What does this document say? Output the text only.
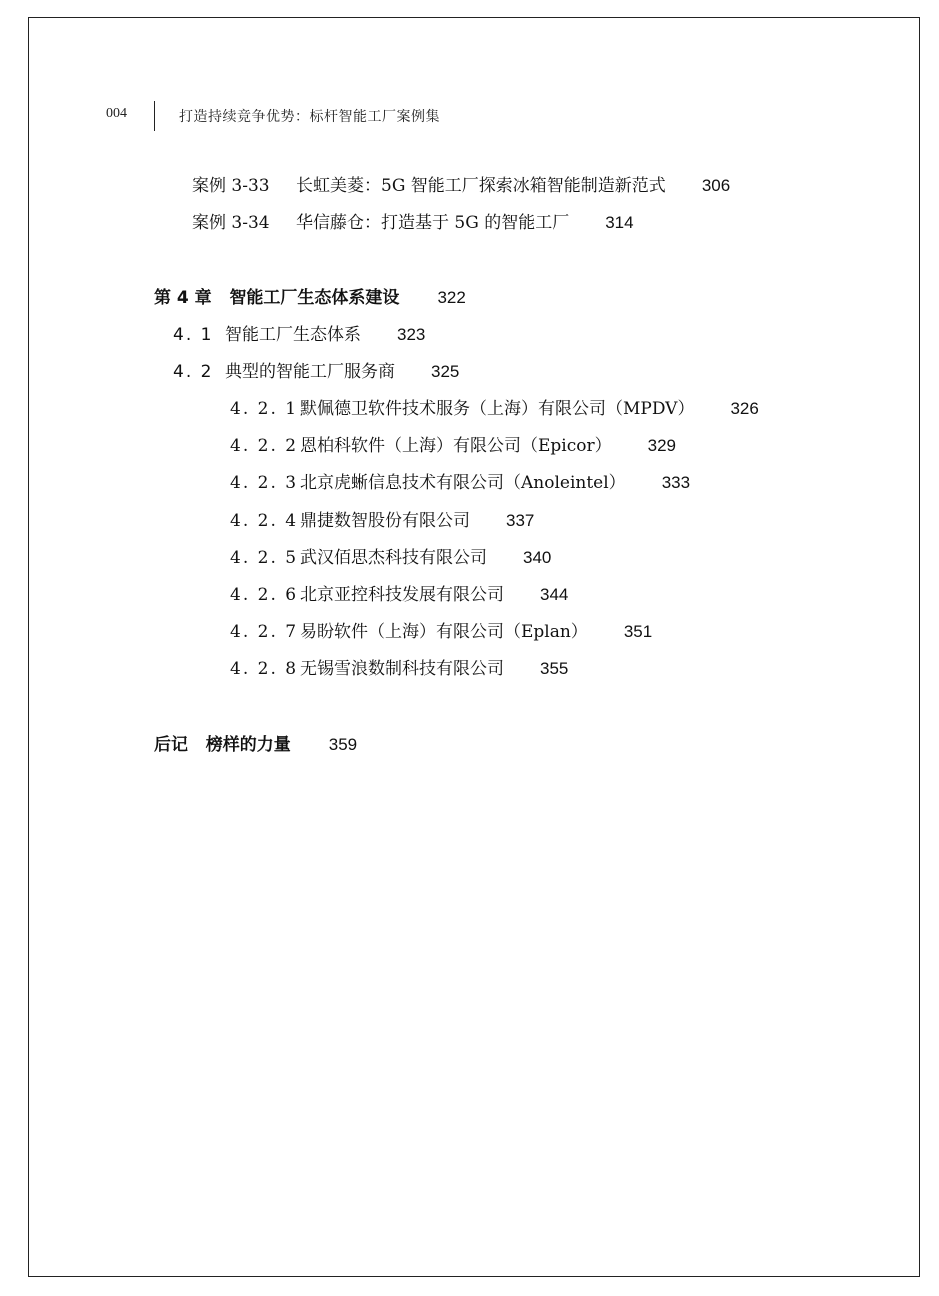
004	打造持续竞争优势：标杆智能工厂案例集
案例 3-33 长虹美菱：5G 智能工厂探索冰箱智能制造新范式 306
案例 3-34 华信藤仓：打造基于 5G 的智能工厂 314
第 4 章 智能工厂生态体系建设 322
4. 1 智能工厂生态体系 323
4. 2 典型的智能工厂服务商 325
4. 2. 1 默佩德卫软件技术服务（上海）有限公司（MPDV） 326
4. 2. 2 恩柏科软件（上海）有限公司（Epicor） 329
4. 2. 3 北京虎蜥信息技术有限公司（Anoleintel） 333
4. 2. 4 鼎捷数智股份有限公司 337
4. 2. 5 武汉佰思杰科技有限公司 340
4. 2. 6 北京亚控科技发展有限公司 344
4. 2. 7 易盼软件（上海）有限公司（Eplan） 351
4. 2. 8 无锡雪浪数制科技有限公司 355
后记 榜样的力量 359
